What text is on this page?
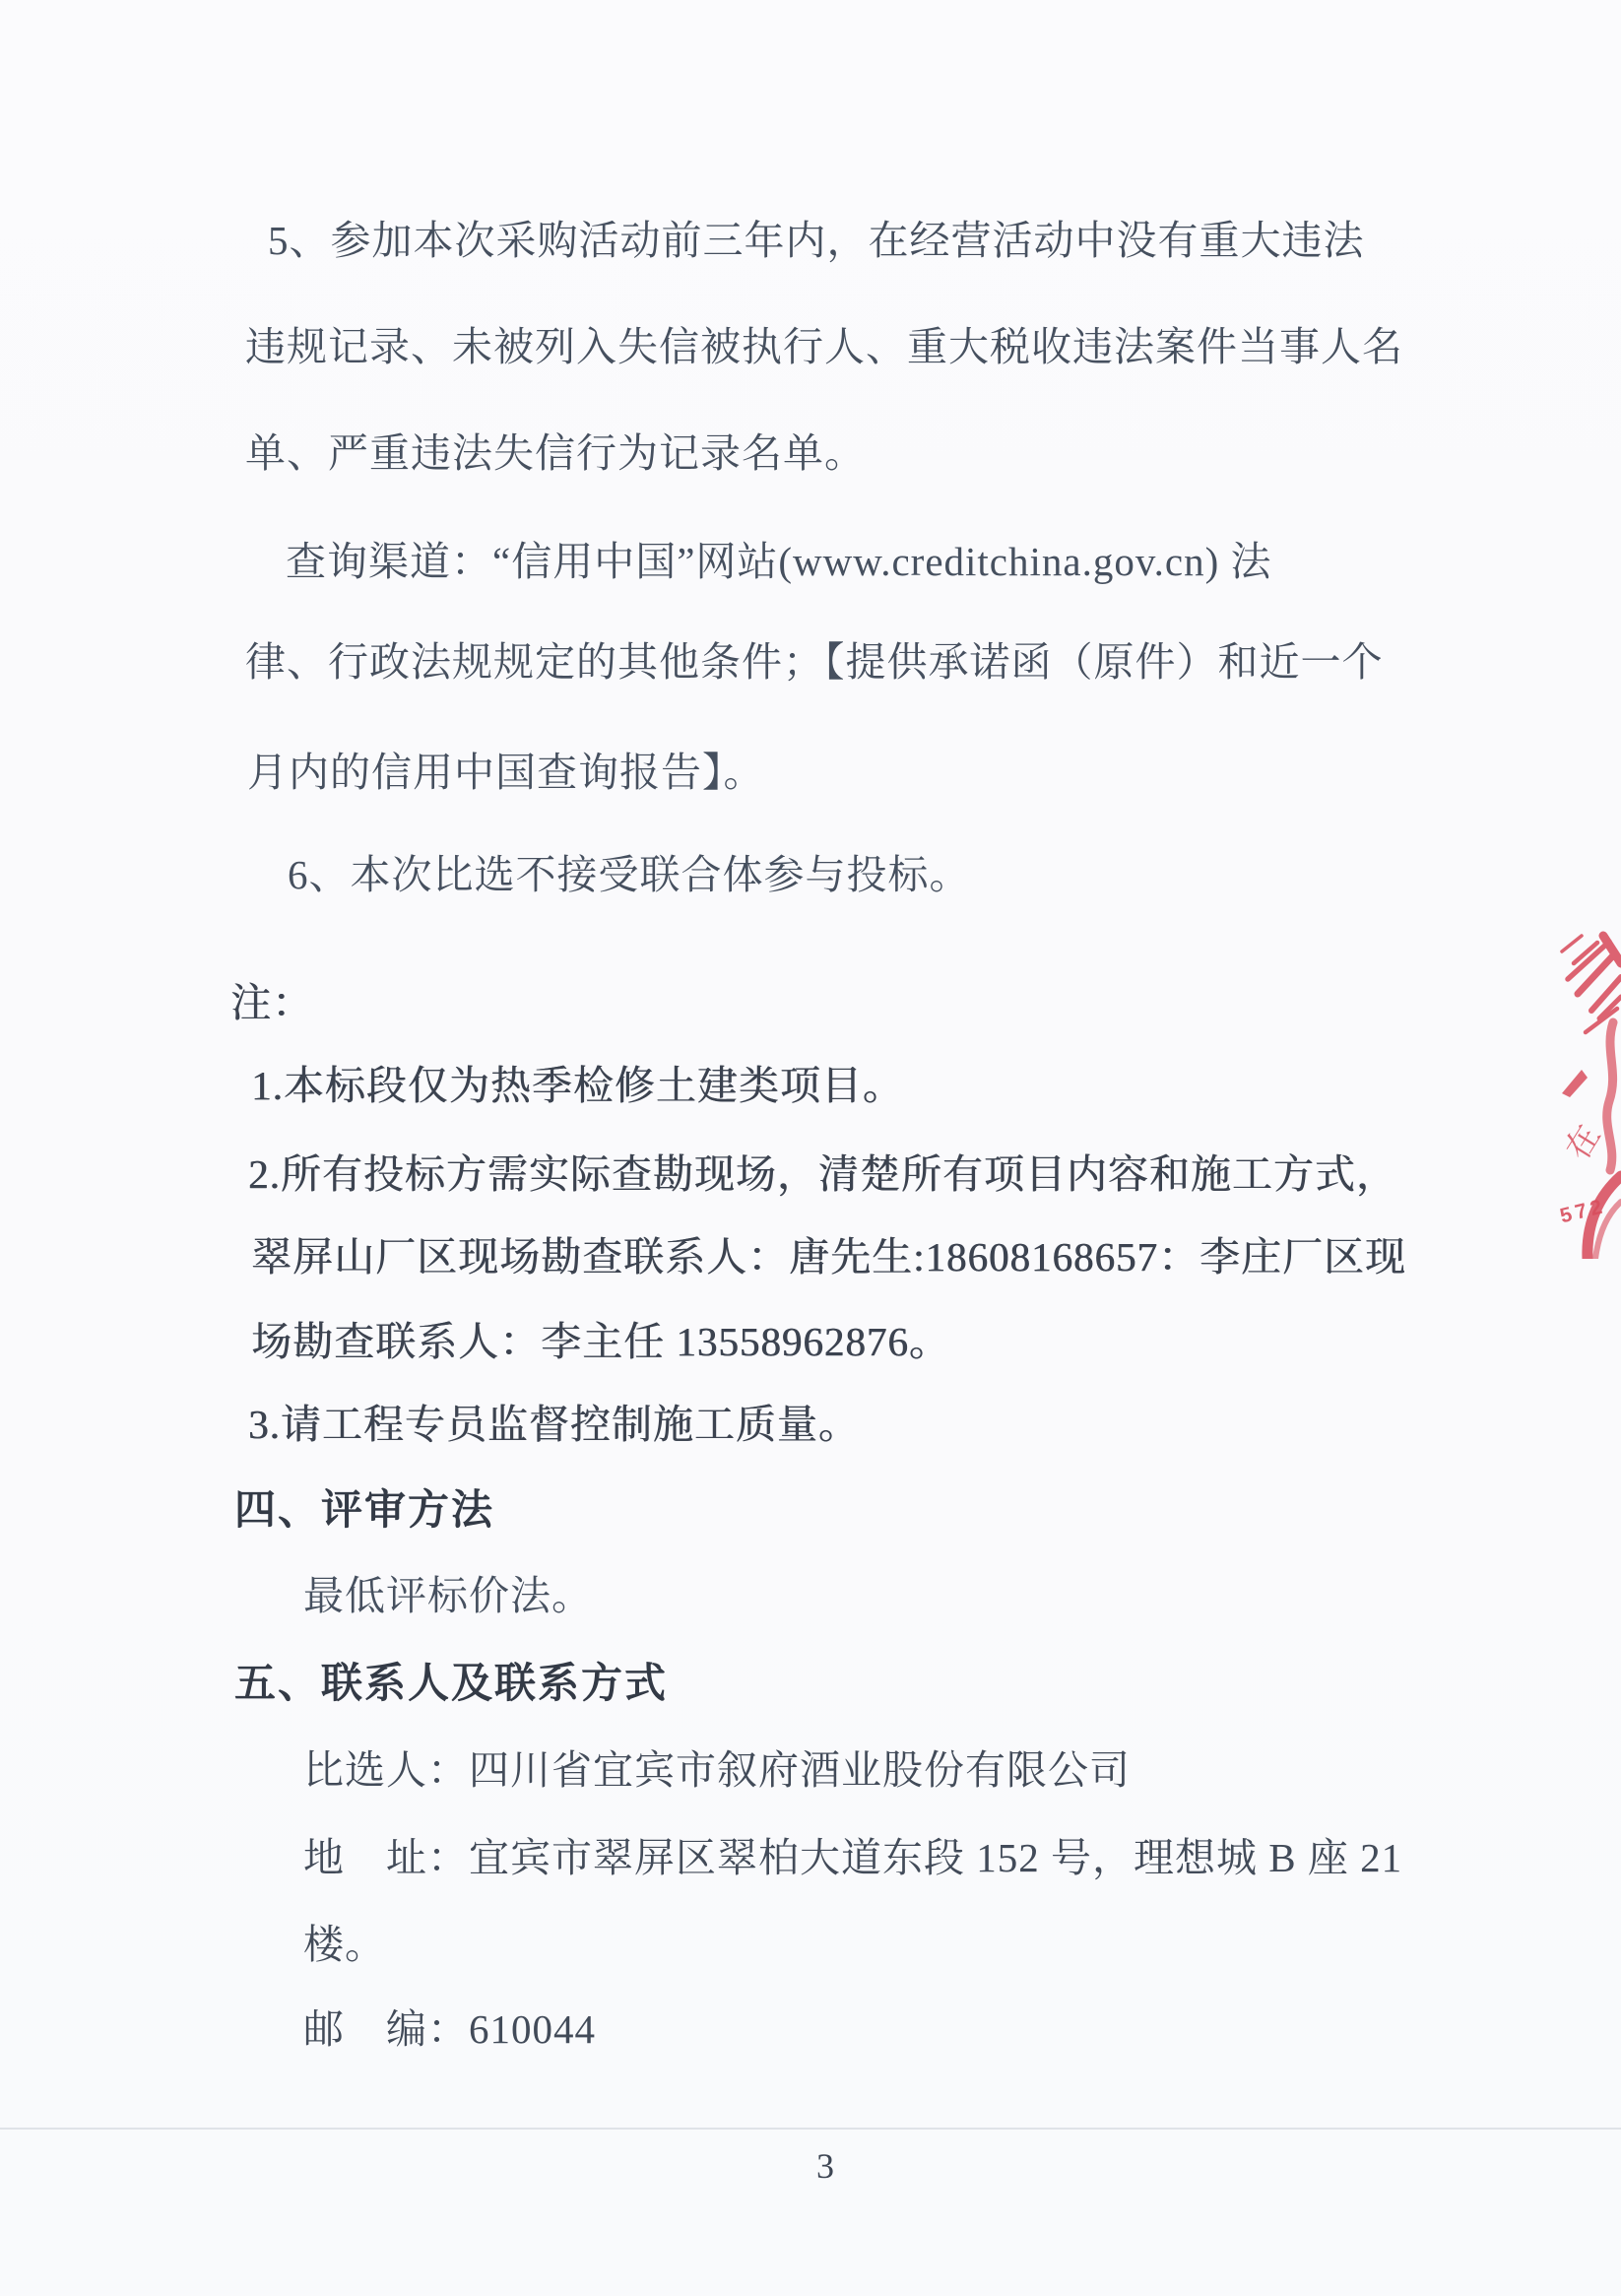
5、参加本次采购活动前三年内，在经营活动中没有重大违法
违规记录、未被列入失信被执行人、重大税收违法案件当事人名
单、严重违法失信行为记录名单。
查询渠道：“信用中国”网站(www.creditchina.gov.cn) 法
律、行政法规规定的其他条件；【提供承诺函（原件）和近一个
月内的信用中国查询报告】。
6、本次比选不接受联合体参与投标。
注：
1.本标段仅为热季检修土建类项目。
2.所有投标方需实际查勘现场，清楚所有项目内容和施工方式，
翠屏山厂区现场勘查联系人：唐先生:18608168657：李庄厂区现
场勘查联系人：李主任 13558962876。
3.请工程专员监督控制施工质量。
四、评审方法
最低评标价法。
五、联系人及联系方式
比选人：四川省宜宾市叙府酒业股份有限公司
地　址：宜宾市翠屏区翠柏大道东段 152 号，理想城 B 座 21
楼。
邮　编：610044
在
572
3
